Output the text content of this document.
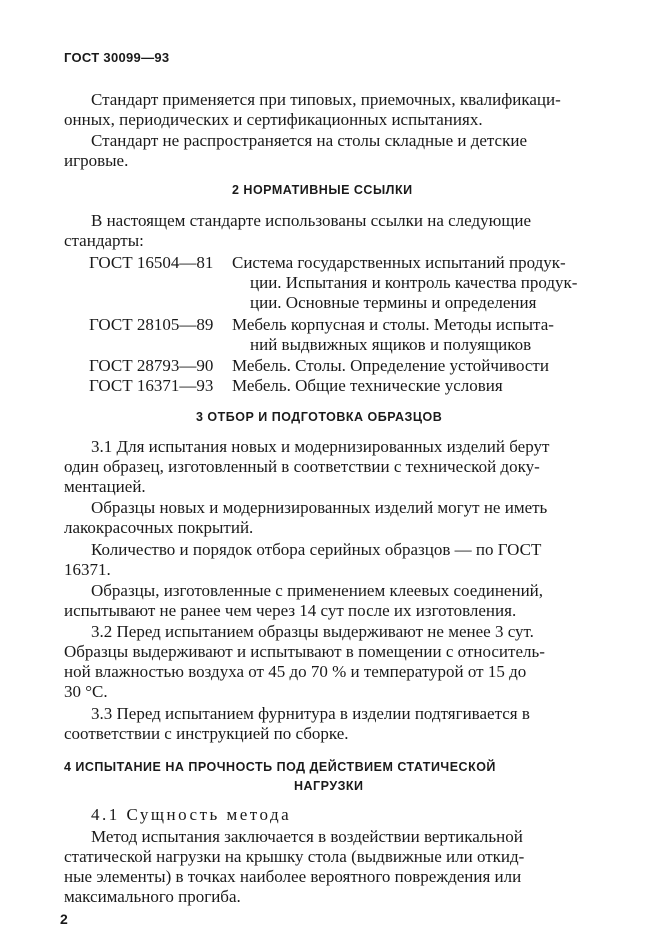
ГОСТ 30099—93
Стандарт применяется при типовых, приемочных, квалификаци-
онных, периодических и сертификационных испытаниях.
Стандарт не распространяется на столы складные и детские
игровые.
2 НОРМАТИВНЫЕ ССЫЛКИ
В настоящем стандарте использованы ссылки на следующие
стандарты:
ГОСТ 16504—81 Система государственных испытаний продук-
ции. Испытания и контроль качества продук-
ции. Основные термины и определения
ГОСТ 28105—89 Мебель корпусная и столы. Методы испыта-
ний выдвижных ящиков и полуящиков
ГОСТ 28793—90 Мебель. Столы. Определение устойчивости
ГОСТ 16371—93 Мебель. Общие технические условия
3 ОТБОР И ПОДГОТОВКА ОБРАЗЦОВ
3.1 Для испытания новых и модернизированных изделий берут
один образец, изготовленный в соответствии с технической доку-
ментацией.
Образцы новых и модернизированных изделий могут не иметь
лакокрасочных покрытий.
Количество и порядок отбора серийных образцов — по ГОСТ
16371.
Образцы, изготовленные с применением клеевых соединений,
испытывают не ранее чем через 14 сут после их изготовления.
3.2 Перед испытанием образцы выдерживают не менее 3 сут.
Образцы выдерживают и испытывают в помещении с относитель-
ной влажностью воздуха от 45 до 70 % и температурой от 15 до
30 °С.
3.3 Перед испытанием фурнитура в изделии подтягивается в
соответствии с инструкцией по сборке.
4 ИСПЫТАНИЕ НА ПРОЧНОСТЬ ПОД ДЕЙСТВИЕМ СТАТИЧЕСКОЙ
НАГРУЗКИ
4.1 Сущность метода
Метод испытания заключается в воздействии вертикальной
статической нагрузки на крышку стола (выдвижные или откид-
ные элементы) в точках наиболее вероятного повреждения или
максимального прогиба.
2
